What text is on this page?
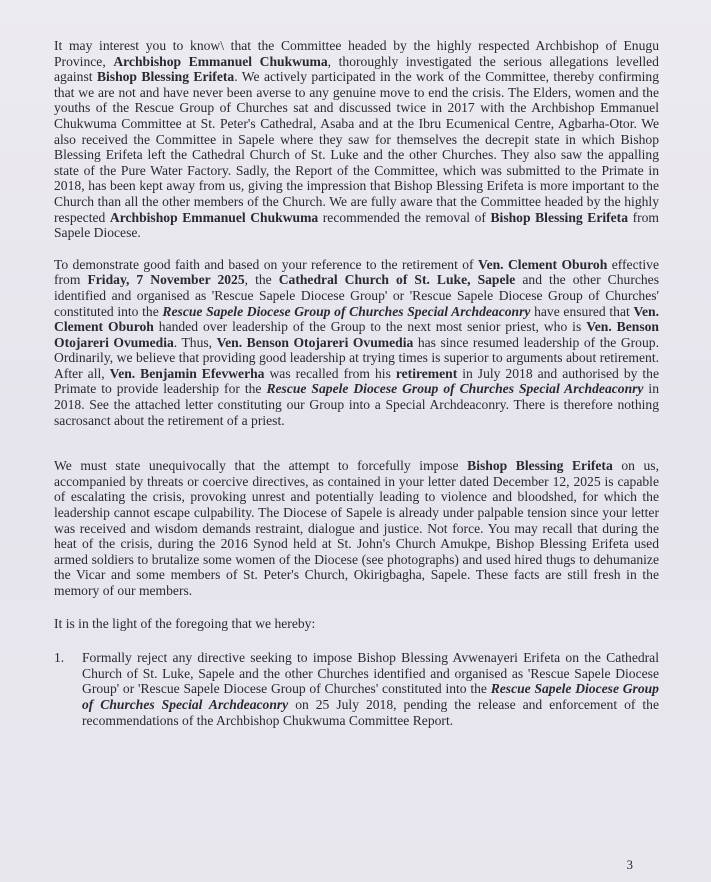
It may interest you to know\ that the Committee headed by the highly respected Archbishop of Enugu Province, Archbishop Emmanuel Chukwuma, thoroughly investigated the serious allegations levelled against Bishop Blessing Erifeta. We actively participated in the work of the Committee, thereby confirming that we are not and have never been averse to any genuine move to end the crisis. The Elders, women and the youths of the Rescue Group of Churches sat and discussed twice in 2017 with the Archbishop Emmanuel Chukwuma Committee at St. Peter's Cathedral, Asaba and at the Ibru Ecumenical Centre, Agbarha-Otor. We also received the Committee in Sapele where they saw for themselves the decrepit state in which Bishop Blessing Erifeta left the Cathedral Church of St. Luke and the other Churches. They also saw the appalling state of the Pure Water Factory. Sadly, the Report of the Committee, which was submitted to the Primate in 2018, has been kept away from us, giving the impression that Bishop Blessing Erifeta is more important to the Church than all the other members of the Church. We are fully aware that the Committee headed by the highly respected Archbishop Emmanuel Chukwuma recommended the removal of Bishop Blessing Erifeta from Sapele Diocese.

To demonstrate good faith and based on your reference to the retirement of Ven. Clement Oburoh effective from Friday, 7 November 2025, the Cathedral Church of St. Luke, Sapele and the other Churches identified and organised as 'Rescue Sapele Diocese Group' or 'Rescue Sapele Diocese Group of Churches' constituted into the Rescue Sapele Diocese Group of Churches Special Archdeaconry have ensured that Ven. Clement Oburoh handed over leadership of the Group to the next most senior priest, who is Ven. Benson Otojareri Ovumedia. Thus, Ven. Benson Otojareri Ovumedia has since resumed leadership of the Group. Ordinarily, we believe that providing good leadership at trying times is superior to arguments about retirement. After all, Ven. Benjamin Efevwerha was recalled from his retirement in July 2018 and authorised by the Primate to provide leadership for the Rescue Sapele Diocese Group of Churches Special Archdeaconry in 2018. See the attached letter constituting our Group into a Special Archdeaconry. There is therefore nothing sacrosanct about the retirement of a priest.

We must state unequivocally that the attempt to forcefully impose Bishop Blessing Erifeta on us, accompanied by threats or coercive directives, as contained in your letter dated December 12, 2025 is capable of escalating the crisis, provoking unrest and potentially leading to violence and bloodshed, for which the leadership cannot escape culpability. The Diocese of Sapele is already under palpable tension since your letter was received and wisdom demands restraint, dialogue and justice. Not force. You may recall that during the heat of the crisis, during the 2016 Synod held at St. John's Church Amukpe, Bishop Blessing Erifeta used armed soldiers to brutalize some women of the Diocese (see photographs) and used hired thugs to dehumanize the Vicar and some members of St. Peter's Church, Okirigbagha, Sapele. These facts are still fresh in the memory of our members.

It is in the light of the foregoing that we hereby:

1.	Formally reject any directive seeking to impose Bishop Blessing Avwenayeri Erifeta on the Cathedral Church of St. Luke, Sapele and the other Churches identified and organised as 'Rescue Sapele Diocese Group' or 'Rescue Sapele Diocese Group of Churches' constituted into the Rescue Sapele Diocese Group of Churches Special Archdeaconry on 25 July 2018, pending the release and enforcement of the recommendations of the Archbishop Chukwuma Committee Report.

3
